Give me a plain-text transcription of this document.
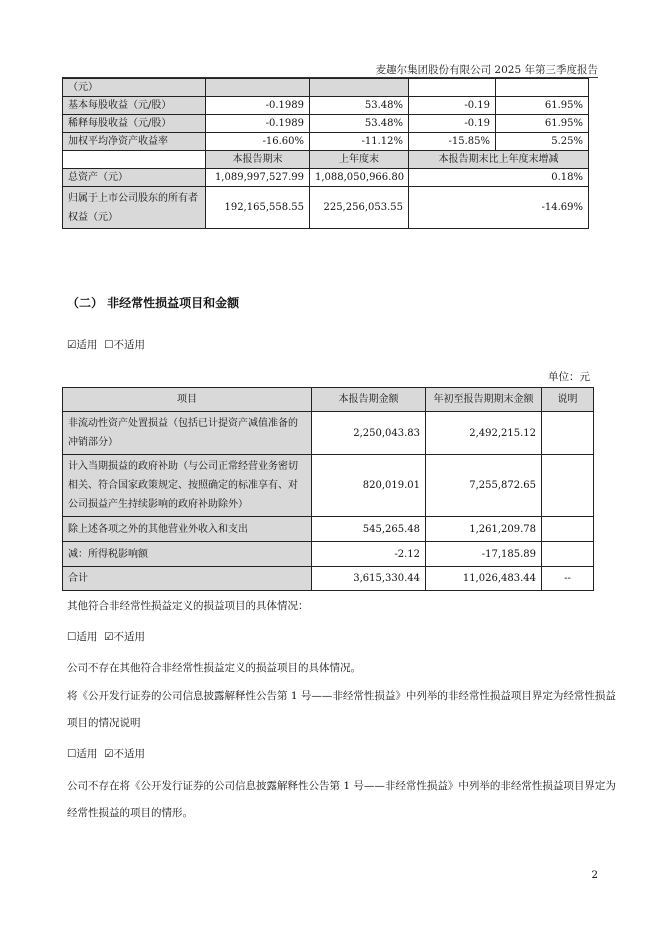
麦趣尔集团股份有限公司 2025 年第三季度报告
（元）				
基本每股收益（元/股）	-0.1989	53.48%	-0.19	61.95%
稀释每股收益（元/股）	-0.1989	53.48%	-0.19	61.95%
加权平均净资产收益率	-16.60%	-11.12%	-15.85%	5.25%
	本报告期末	上年度末	本报告期末比上年度末增减	
总资产（元）	1,089,997,527.99	1,088,050,966.80	0.18%	
归属于上市公司股东的所有者权益（元）	192,165,558.55	225,256,053.55	-14.69%	
（二） 非经常性损益项目和金额
☑适用 ☐不适用
单位：元
项目	本报告期金额	年初至报告期期末金额	说明
非流动性资产处置损益（包括已计提资产减值准备的冲销部分）	2,250,043.83	2,492,215.12	
计入当期损益的政府补助（与公司正常经营业务密切相关、符合国家政策规定、按照确定的标准享有、对公司损益产生持续影响的政府补助除外）	820,019.01	7,255,872.65	
除上述各项之外的其他营业外收入和支出	545,265.48	1,261,209.78	
减：所得税影响额	-2.12	-17,185.89	
合计	3,615,330.44	11,026,483.44	--
其他符合非经常性损益定义的损益项目的具体情况：
☐适用 ☑不适用
公司不存在其他符合非经常性损益定义的损益项目的具体情况。
将《公开发行证券的公司信息披露解释性公告第 1 号——非经常性损益》中列举的非经常性损益项目界定为经常性损益
项目的情况说明
☐适用 ☑不适用
公司不存在将《公开发行证券的公司信息披露解释性公告第 1 号——非经常性损益》中列举的非经常性损益项目界定为
经常性损益的项目的情形。
2
